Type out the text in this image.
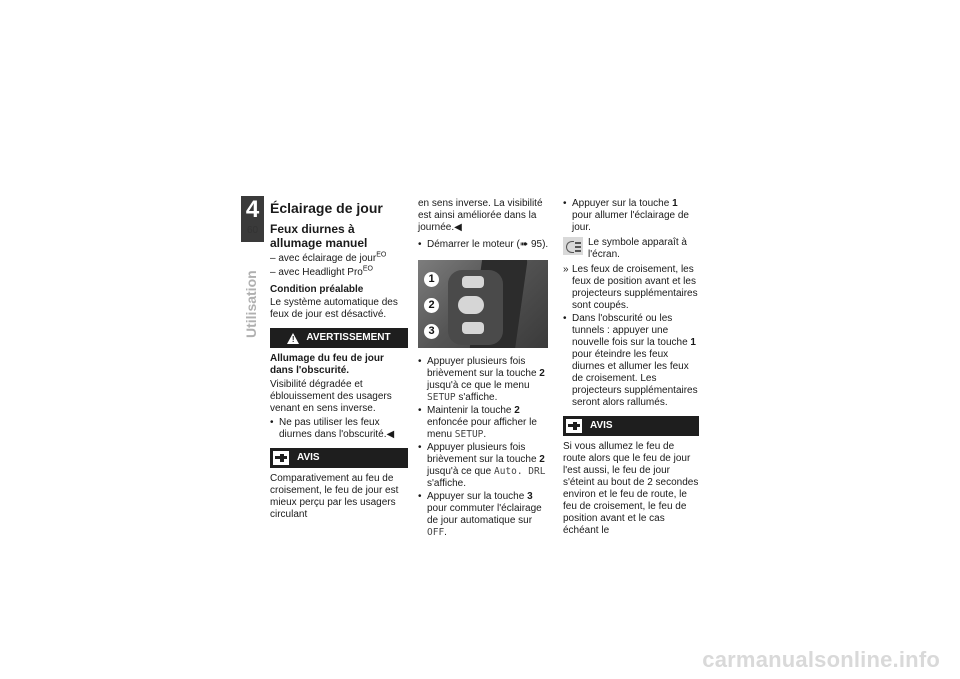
4
60
Utilisation
Éclairage de jour
Feux diurnes à allumage manuel

– avec éclairage de jour$^{EO}$

– avec Headlight Pro$^{EO}$

Condition préalable

Le système automatique des feux de jour est désactivé.

! AVERTISSEMENT

Allumage du feu de jour dans l'obscurité.

Visibilité dégradée et éblouissement des usagers venant en sens inverse.

• Ne pas utiliser les feux diurnes dans l'obscurité.◀
AVIS

Comparativement au feu de croisement, le feu de jour est mieux perçu par les usagers circulant

en sens inverse. La visibilité est ainsi améliorée dans la journée.◀

• Démarrer le moteur (➠ 95).
1
2
3
• Appuyer plusieurs fois brièvement sur la touche 2 jusqu'à ce que le menu SETUP s'affiche.
• Maintenir la touche 2 enfoncée pour afficher le menu SETUP.
• Appuyer plusieurs fois brièvement sur la touche 2 jusqu'à ce que Auto. DRL s'affiche.
• Appuyer sur la touche 3 pour commuter l'éclairage de jour automatique sur OFF.
• Appuyer sur la touche 1 pour allumer l'éclairage de jour.
Le symbole apparaît à l'écran.
» Les feux de croisement, les feux de position avant et les projecteurs supplémentaires sont coupés.
• Dans l'obscurité ou les tunnels : appuyer une nouvelle fois sur la touche 1 pour éteindre les feux diurnes et allumer les feux de croisement. Les projecteurs supplémentaires seront alors rallumés.
AVIS

Si vous allumez le feu de route alors que le feu de jour l'est aussi, le feu de jour s'éteint au bout de 2 secondes environ et le feu de route, le feu de croisement, le feu de position avant et le cas échéant le

carmanualsonline.info
